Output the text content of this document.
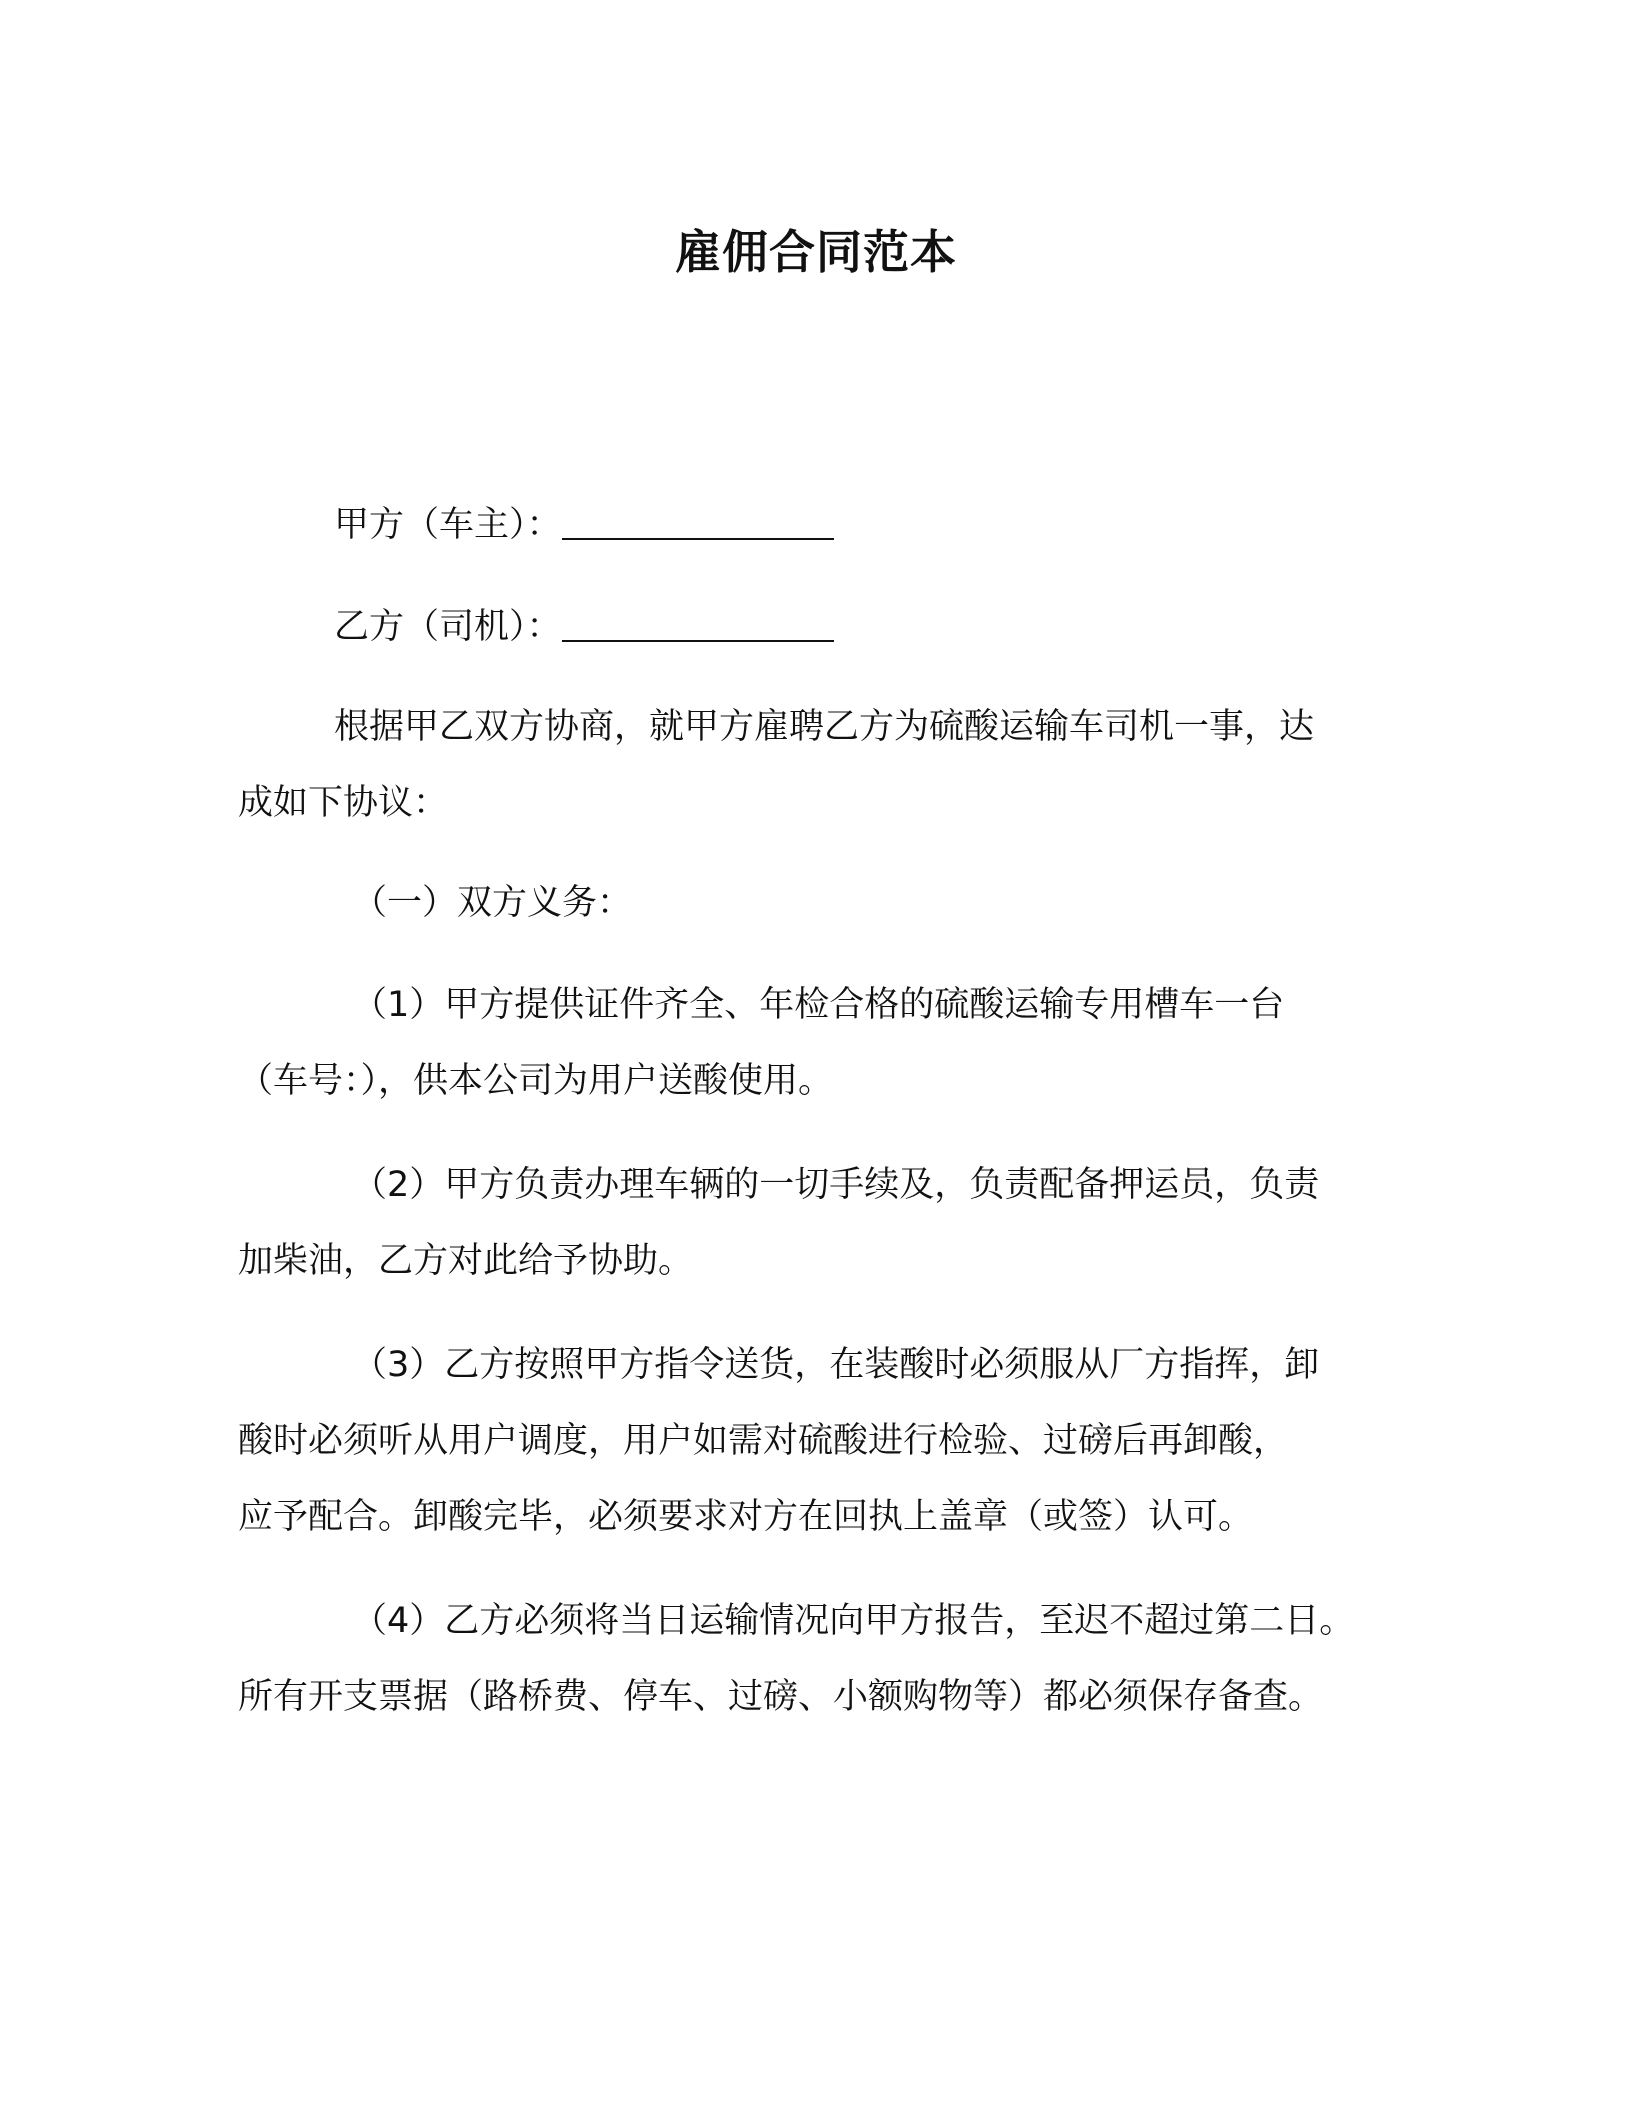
雇佣合同范本
甲方（车主）：
乙方（司机）：
根据甲乙双方协商，就甲方雇聘乙方为硫酸运输车司机一事，达
成如下协议：
（一）双方义务：
（1）甲方提供证件齐全、年检合格的硫酸运输专用槽车一台
（车号：），供本公司为用户送酸使用。
（2）甲方负责办理车辆的一切手续及，负责配备押运员，负责
加柴油，乙方对此给予协助。
（3）乙方按照甲方指令送货，在装酸时必须服从厂方指挥，卸
酸时必须听从用户调度，用户如需对硫酸进行检验、过磅后再卸酸，
应予配合。卸酸完毕，必须要求对方在回执上盖章（或签）认可。
（4）乙方必须将当日运输情况向甲方报告，至迟不超过第二日。
所有开支票据（路桥费、停车、过磅、小额购物等）都必须保存备查。
